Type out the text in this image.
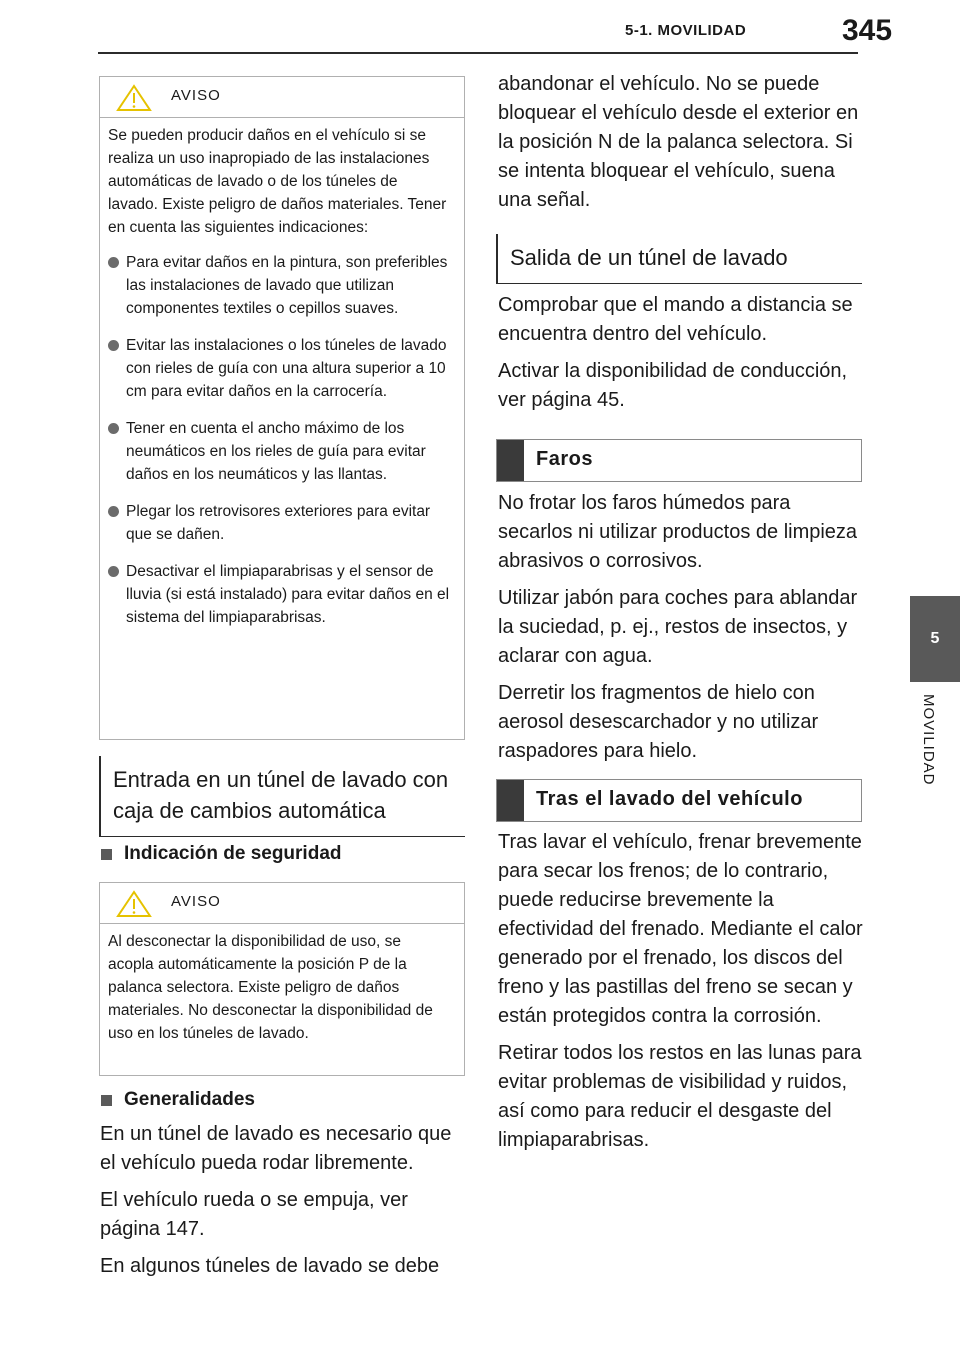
5-1. MOVILIDAD	345
5
MOVILIDAD
AVISO

Se pueden producir daños en el vehículo si se realiza un uso inapropiado de las instalaciones automáticas de lavado o de los túneles de lavado. Existe peligro de daños materiales. Tener en cuenta las siguientes indicaciones:

Para evitar daños en la pintura, son preferibles las instalaciones de lavado que utilizan componentes textiles o cepillos suaves.
Evitar las instalaciones o los túneles de lavado con rieles de guía con una altura superior a 10 cm para evitar daños en la carrocería.
Tener en cuenta el ancho máximo de los neumáticos en los rieles de guía para evitar daños en los neumáticos y las llantas.
Plegar los retrovisores exteriores para evitar que se dañen.
Desactivar el limpiaparabrisas y el sensor de lluvia (si está instalado) para evitar daños en el sistema del limpiaparabrisas.
Entrada en un túnel de lavado con caja de cambios automática
Indicación de seguridad
AVISO

Al desconectar la disponibilidad de uso, se acopla automáticamente la posición P de la palanca selectora. Existe peligro de daños materiales. No desconectar la disponibilidad de uso en los túneles de lavado.

Generalidades

En un túnel de lavado es necesario que el vehículo pueda rodar libremente.

El vehículo rueda o se empuja, ver página 147.

En algunos túneles de lavado se debe

abandonar el vehículo. No se puede bloquear el vehículo desde el exterior en la posición N de la palanca selectora. Si se intenta bloquear el vehículo, suena una señal.

Salida de un túnel de lavado

Comprobar que el mando a distancia se encuentra dentro del vehículo.

Activar la disponibilidad de conducción, ver página 45.

Faros

No frotar los faros húmedos para secarlos ni utilizar productos de limpieza abrasivos o corrosivos.

Utilizar jabón para coches para ablandar la suciedad, p. ej., restos de insectos, y aclarar con agua.

Derretir los fragmentos de hielo con aerosol desescarchador y no utilizar raspadores para hielo.

Tras el lavado del vehículo

Tras lavar el vehículo, frenar brevemente para secar los frenos; de lo contrario, puede reducirse brevemente la efectividad del frenado. Mediante el calor generado por el frenado, los discos del freno y las pastillas del freno se secan y están protegidos contra la corrosión.

Retirar todos los restos en las lunas para evitar problemas de visibilidad y ruidos, así como para reducir el desgaste del limpiaparabrisas.
